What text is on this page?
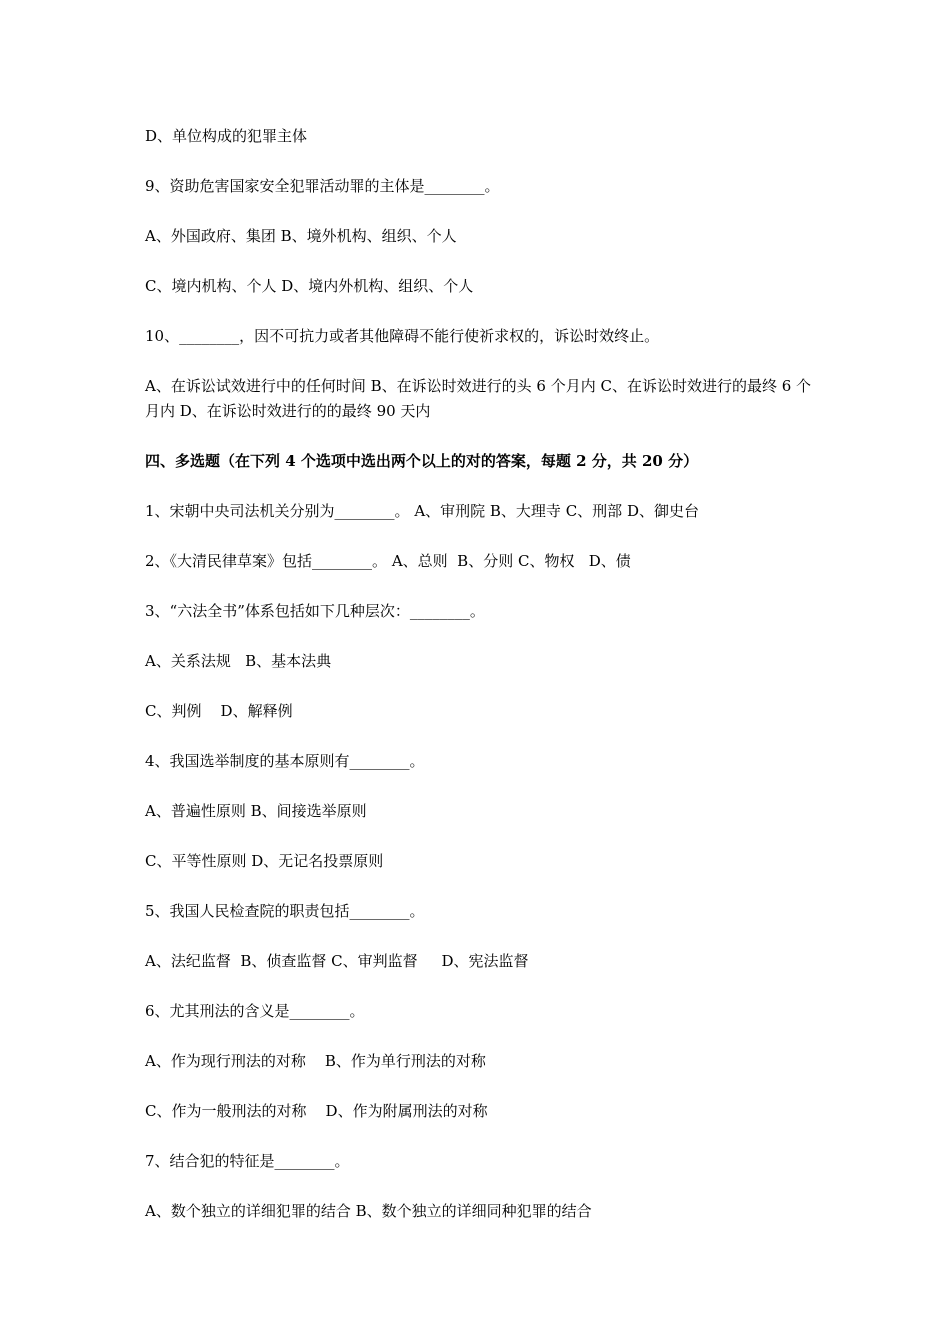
D、单位构成的犯罪主体

9、资助危害国家安全犯罪活动罪的主体是________。

A、外国政府、集团 B、境外机构、组织、个人

C、境内机构、个人 D、境内外机构、组织、个人

10、________，因不可抗力或者其他障碍不能行使祈求权的，诉讼时效终止。

A、在诉讼试效进行中的任何时间 B、在诉讼时效进行的头 6 个月内 C、在诉讼时效进行的最终 6 个月内 D、在诉讼时效进行的的最终 90 天内

四、多选题（在下列 4 个选项中选出两个以上的对的答案，每题 2 分，共 20 分）

1、宋朝中央司法机关分别为________。 A、审刑院 B、大理寺 C、刑部 D、御史台

2、《大清民律草案》包括________。 A、总则  B、分则 C、物权   D、债

3、“六法全书”体系包括如下几种层次：________。

A、关系法规   B、基本法典

C、判例    D、解释例

4、我国选举制度的基本原则有________。

A、普遍性原则 B、间接选举原则

C、平等性原则 D、无记名投票原则

5、我国人民检查院的职责包括________。

A、法纪监督  B、侦查监督 C、审判监督     D、宪法监督

6、尤其刑法的含义是________。

A、作为现行刑法的对称    B、作为单行刑法的对称

C、作为一般刑法的对称    D、作为附属刑法的对称

7、结合犯的特征是________。

A、数个独立的详细犯罪的结合 B、数个独立的详细同种犯罪的结合
